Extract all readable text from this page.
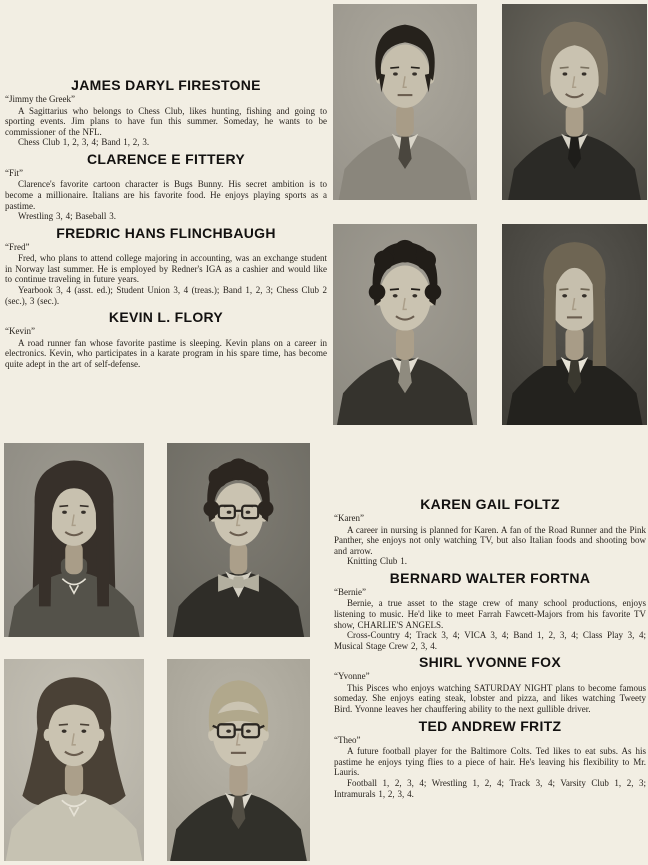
JAMES DARYL FIRESTONE

“Jimmy the Greek”

A Sagittarius who belongs to Chess Club, likes hunting, fishing and going to sporting events. Jim plans to have fun this summer. Someday, he wants to be commissioner of the NFL.

Chess Club 1, 2, 3, 4; Band 1, 2, 3.

CLARENCE E FITTERY

“Fit”

Clarence's favorite cartoon character is Bugs Bunny. His secret ambition is to become a millionaire. Italians are his favorite food. He enjoys playing sports as a pastime.

Wrestling 3, 4; Baseball 3.

FREDRIC HANS FLINCHBAUGH

“Fred”

Fred, who plans to attend college majoring in accounting, was an exchange student in Norway last summer. He is employed by Redner's IGA as a cashier and would like to continue traveling in future years.

Yearbook 3, 4 (asst. ed.); Student Union 3, 4 (treas.); Band 1, 2, 3; Chess Club 2 (sec.), 3 (sec.).

KEVIN L. FLORY

“Kevin”

A road runner fan whose favorite pastime is sleeping. Kevin plans on a career in electronics. Kevin, who participates in a karate program in his spare time, has become quite adept in the art of self-defense.

KAREN GAIL FOLTZ

“Karen”

A career in nursing is planned for Karen. A fan of the Road Runner and the Pink Panther, she enjoys not only watching TV, but also Italian foods and shooting bow and arrow.

Knitting Club 1.

BERNARD WALTER FORTNA

“Bernie”

Bernie, a true asset to the stage crew of many school productions, enjoys listening to music. He'd like to meet Farrah Fawcett-Majors from his favorite TV show, CHARLIE'S ANGELS.

Cross-Country 4; Track 3, 4; VICA 3, 4; Band 1, 2, 3, 4; Class Play 3, 4; Musical Stage Crew 2, 3, 4.

SHIRL YVONNE FOX

“Yvonne”

This Pisces who enjoys watching SATURDAY NIGHT plans to become famous someday. She enjoys eating steak, lobster and pizza, and likes watching Tweety Bird. Yvonne leaves her chauffering ability to the next gullible driver.

TED ANDREW FRITZ

“Theo”

A future football player for the Baltimore Colts. Ted likes to eat subs. As his pastime he enjoys tying flies to a piece of hair. He's leaving his flexibility to Mr. Lauris.

Football 1, 2, 3, 4; Wrestling 1, 2, 4; Track 3, 4; Varsity Club 1, 2, 3; Intramurals 1, 2, 3, 4.
